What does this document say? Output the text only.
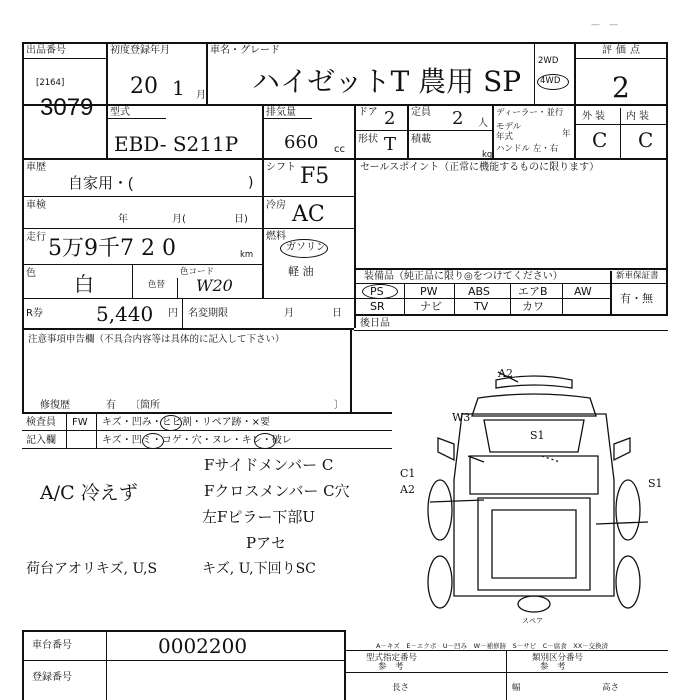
　—　—
出品番号
[2164]
3079
初度登録年月
20 1 月
車名・グレード
ハイゼットT 農用 SP
2WD
4WD
評価点
2
型式
EBD- S211P
排気量
660 cc
ドア 2 定員 2 人
形状 T 積載
kg
ディーラー・並行
モデル
年式	年
ハンドル 左・右
外装 内装
C C
車歴
自家用・(	)
シフト F5
車検
年	月(	日)
冷房 AC
走行 5万9千7 2 0	km
燃料
ガソリン
軽 油
色 白	色替
色コード
W20
R券	5,440 円 名変期限	月	日
注意事項申告欄（不具合内容等は具体的に記入して下さい）
修復歴	有 〔箇所	〕
セールスポイント（正常に機能するものに限ります）
装備品（純正品に限り◎をつけてください）	新車保証書
PS	PW	ABS	エアB AW
SR	ナビ	TV	カワ
有・無
後日品
検査員
記入欄
FW キズ・凹み・ヒビ割・リペア跡・×要
キズ・凹ミ・コゲ・穴・ヌレ・キレ・破レ
A/C 冷えず
Fサイドメンバー C
Fクロスメンバー C穴
左Fピラー下部U
Pアセ
荷台アオリキズ, U,S	キズ, U,下回りSC
A2
W3
S1
C1
A2	S1
スペア
車台番号	0002200
登録番号
A－キズ　E－エクボ　U－凹み　W－補修跡　S－サビ　C－腐食　XX－交換済
型式指定番号
参　考
類別区分番号
参　考
長さ	幅	高さ
